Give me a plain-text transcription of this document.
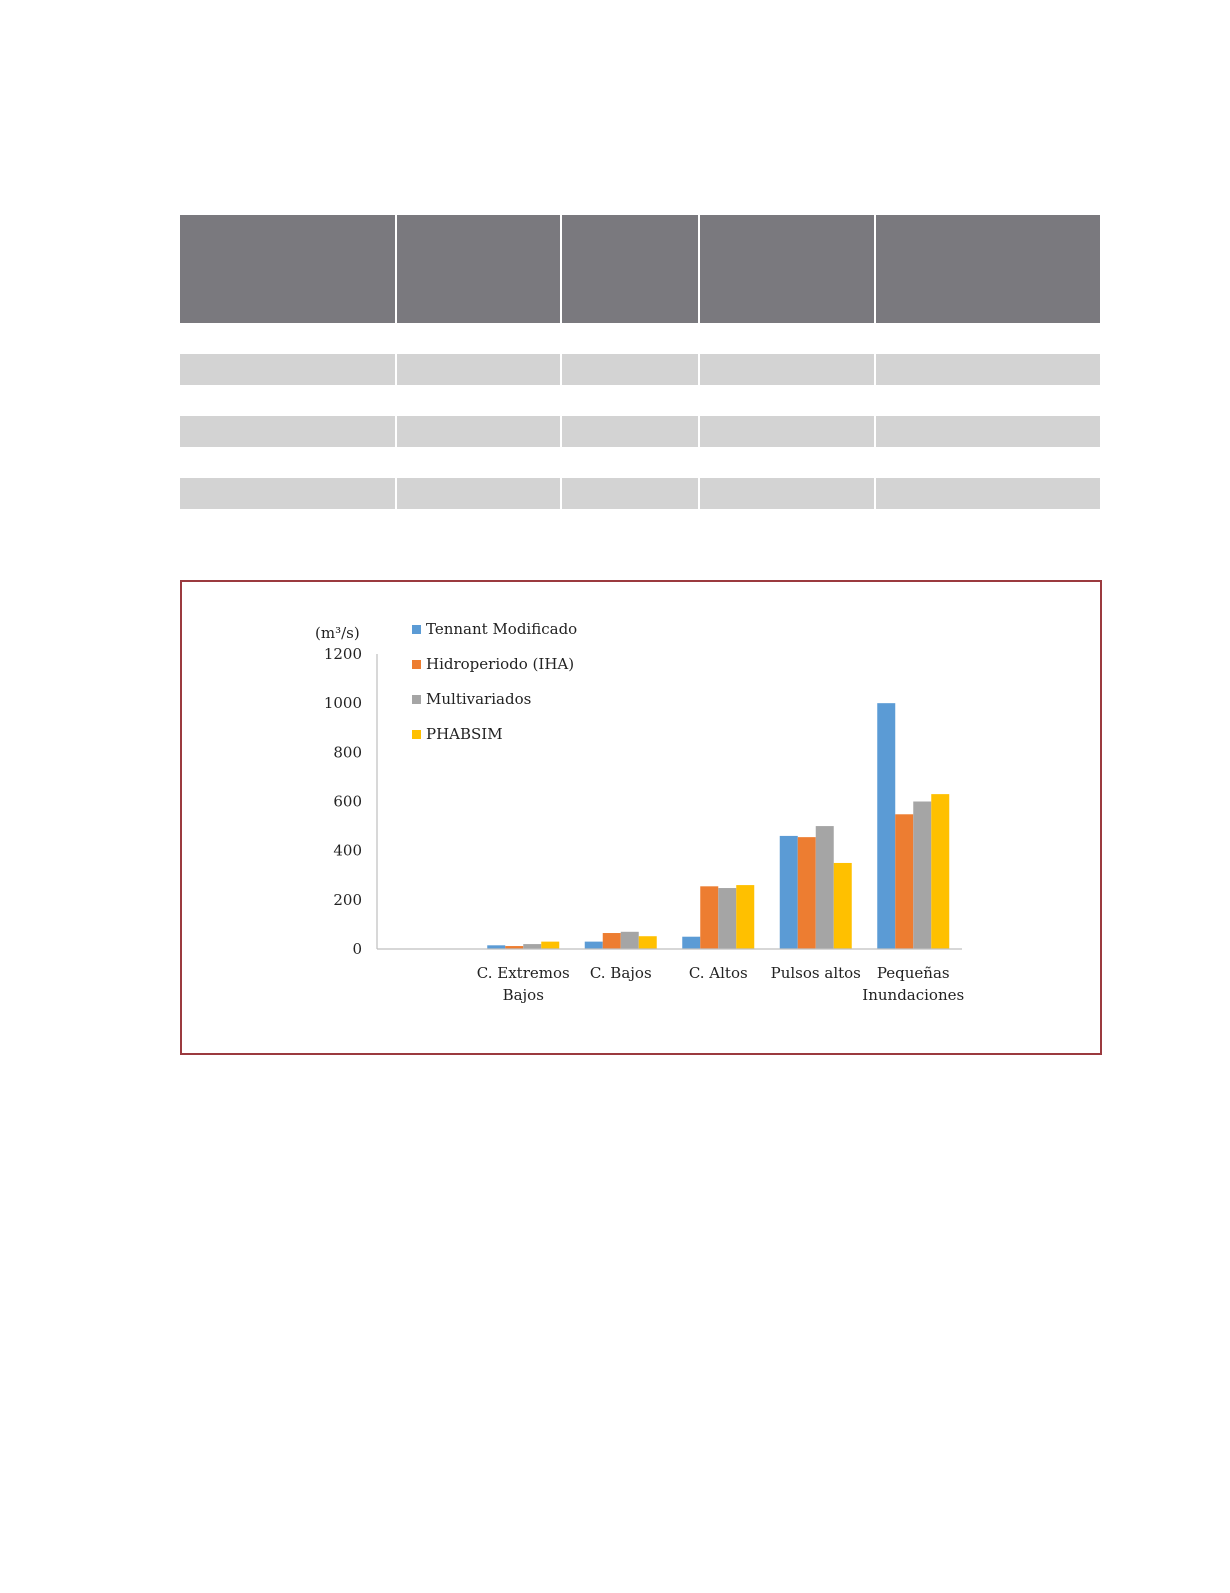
(m³/s)	Tennant Modificado
Hidroperiodo (IHA)
Multivariados
PHABSIM
0
200
400
600
800
1000
1200
C. Extremos
Bajos
C. Bajos C. Altos Pulsos altos Pequeñas
Inundaciones
